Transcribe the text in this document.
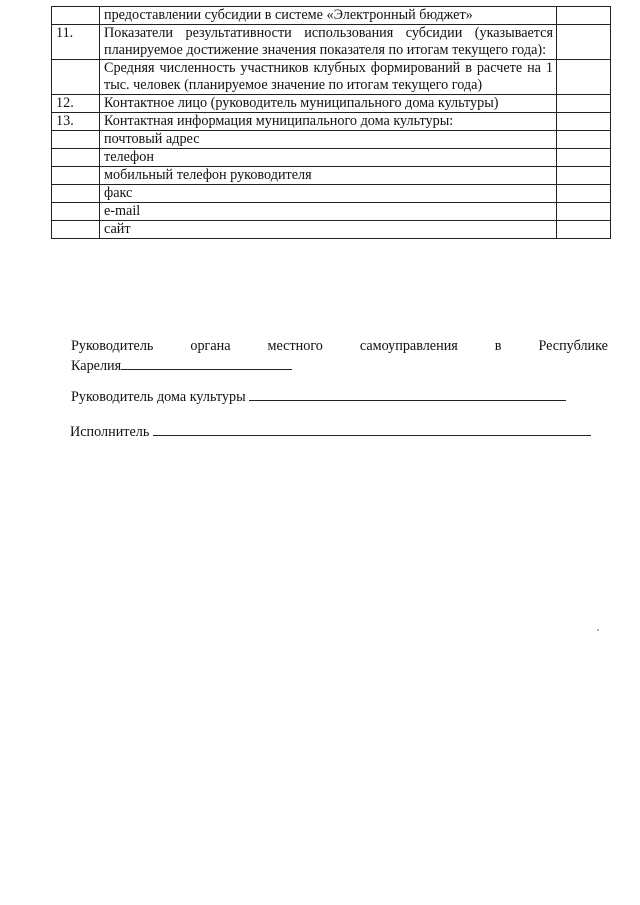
	предоставлении субсидии в системе «Электронный бюджет»	
11.	Показатели результативности использования субсидии (указывается планируемое достижение значения показателя по итогам текущего года):	
	Средняя численность участников клубных формирований в расчете на 1 тыс. человек (планируемое значение по итогам текущего года)	
12.	Контактное лицо (руководитель муниципального дома культуры)	
13.	Контактная информация муниципального дома культуры:	
	почтовый адрес	
	телефон	
	мобильный телефон руководителя	
	факс	
	e-mail	
	сайт	
Руководитель	органа	местного	самоуправления	в	Республике
Карелия
Руководитель дома культуры
Исполнитель
